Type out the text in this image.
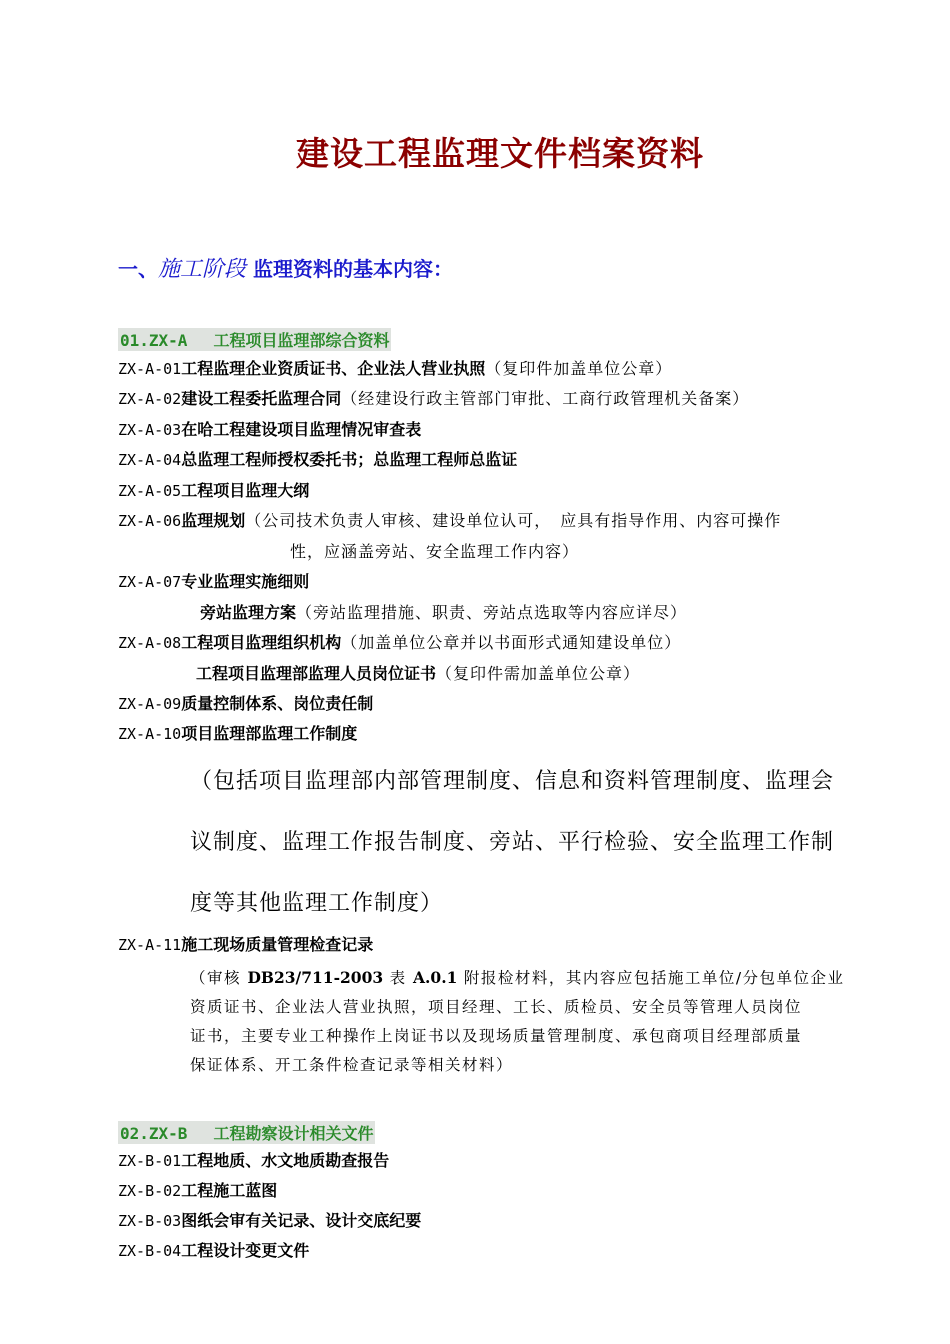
建设工程监理文件档案资料
一、施工阶段 监理资料的基本内容：
01.ZX-A 工程项目监理部综合资料
ZX-A-01工程监理企业资质证书、企业法人营业执照（复印件加盖单位公章）
ZX-A-02建设工程委托监理合同（经建设行政主管部门审批、工商行政管理机关备案）
ZX-A-03在哈工程建设项目监理情况审查表
ZX-A-04总监理工程师授权委托书；总监理工程师总监证
ZX-A-05工程项目监理大纲
ZX-A-06监理规划（公司技术负责人审核、建设单位认可，　应具有指导作用、内容可操作
性，应涵盖旁站、安全监理工作内容）
ZX-A-07专业监理实施细则
旁站监理方案（旁站监理措施、职责、旁站点选取等内容应详尽）
ZX-A-08工程项目监理组织机构（加盖单位公章并以书面形式通知建设单位）
工程项目监理部监理人员岗位证书（复印件需加盖单位公章）
ZX-A-09质量控制体系、岗位责任制
ZX-A-10项目监理部监理工作制度
（包括项目监理部内部管理制度、信息和资料管理制度、监理会
议制度、监理工作报告制度、旁站、平行检验、安全监理工作制
度等其他监理工作制度）
ZX-A-11施工现场质量管理检查记录
（审核 DB23/711-2003 表 A.0.1 附报检材料，其内容应包括施工单位/分包单位企业
资质证书、企业法人营业执照，项目经理、工长、质检员、安全员等管理人员岗位
证书，主要专业工种操作上岗证书以及现场质量管理制度、承包商项目经理部质量
保证体系、开工条件检查记录等相关材料）
02.ZX-B 工程勘察设计相关文件
ZX-B-01工程地质、水文地质勘查报告
ZX-B-02工程施工蓝图
ZX-B-03图纸会审有关记录、设计交底纪要
ZX-B-04工程设计变更文件
